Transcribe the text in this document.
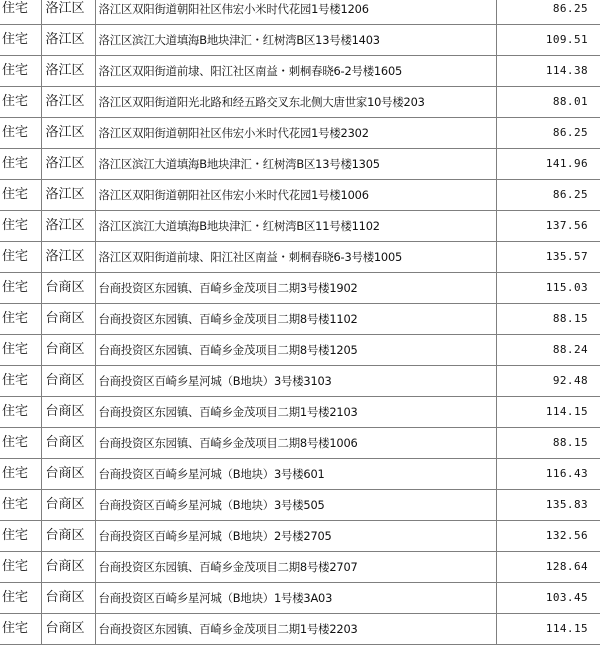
住宅	洛江区	洛江区双阳街道朝阳社区伟宏小米时代花园1号楼1206	86.25
住宅	洛江区	洛江区滨江大道填海B地块津汇・红树湾B区13号楼1403	109.51
住宅	洛江区	洛江区双阳街道前埭、阳江社区南益・刺桐春晓6-2号楼1605	114.38
住宅	洛江区	洛江区双阳街道阳光北路和经五路交叉东北侧大唐世家10号楼203	88.01
住宅	洛江区	洛江区双阳街道朝阳社区伟宏小米时代花园1号楼2302	86.25
住宅	洛江区	洛江区滨江大道填海B地块津汇・红树湾B区13号楼1305	141.96
住宅	洛江区	洛江区双阳街道朝阳社区伟宏小米时代花园1号楼1006	86.25
住宅	洛江区	洛江区滨江大道填海B地块津汇・红树湾B区11号楼1102	137.56
住宅	洛江区	洛江区双阳街道前埭、阳江社区南益・刺桐春晓6-3号楼1005	135.57
住宅	台商区	台商投资区东园镇、百崎乡金茂项目二期3号楼1902	115.03
住宅	台商区	台商投资区东园镇、百崎乡金茂项目二期8号楼1102	88.15
住宅	台商区	台商投资区东园镇、百崎乡金茂项目二期8号楼1205	88.24
住宅	台商区	台商投资区百崎乡星河城（B地块）3号楼3103	92.48
住宅	台商区	台商投资区东园镇、百崎乡金茂项目二期1号楼2103	114.15
住宅	台商区	台商投资区东园镇、百崎乡金茂项目二期8号楼1006	88.15
住宅	台商区	台商投资区百崎乡星河城（B地块）3号楼601	116.43
住宅	台商区	台商投资区百崎乡星河城（B地块）3号楼505	135.83
住宅	台商区	台商投资区百崎乡星河城（B地块）2号楼2705	132.56
住宅	台商区	台商投资区东园镇、百崎乡金茂项目二期8号楼2707	128.64
住宅	台商区	台商投资区百崎乡星河城（B地块）1号楼3A03	103.45
住宅	台商区	台商投资区东园镇、百崎乡金茂项目二期1号楼2203	114.15
